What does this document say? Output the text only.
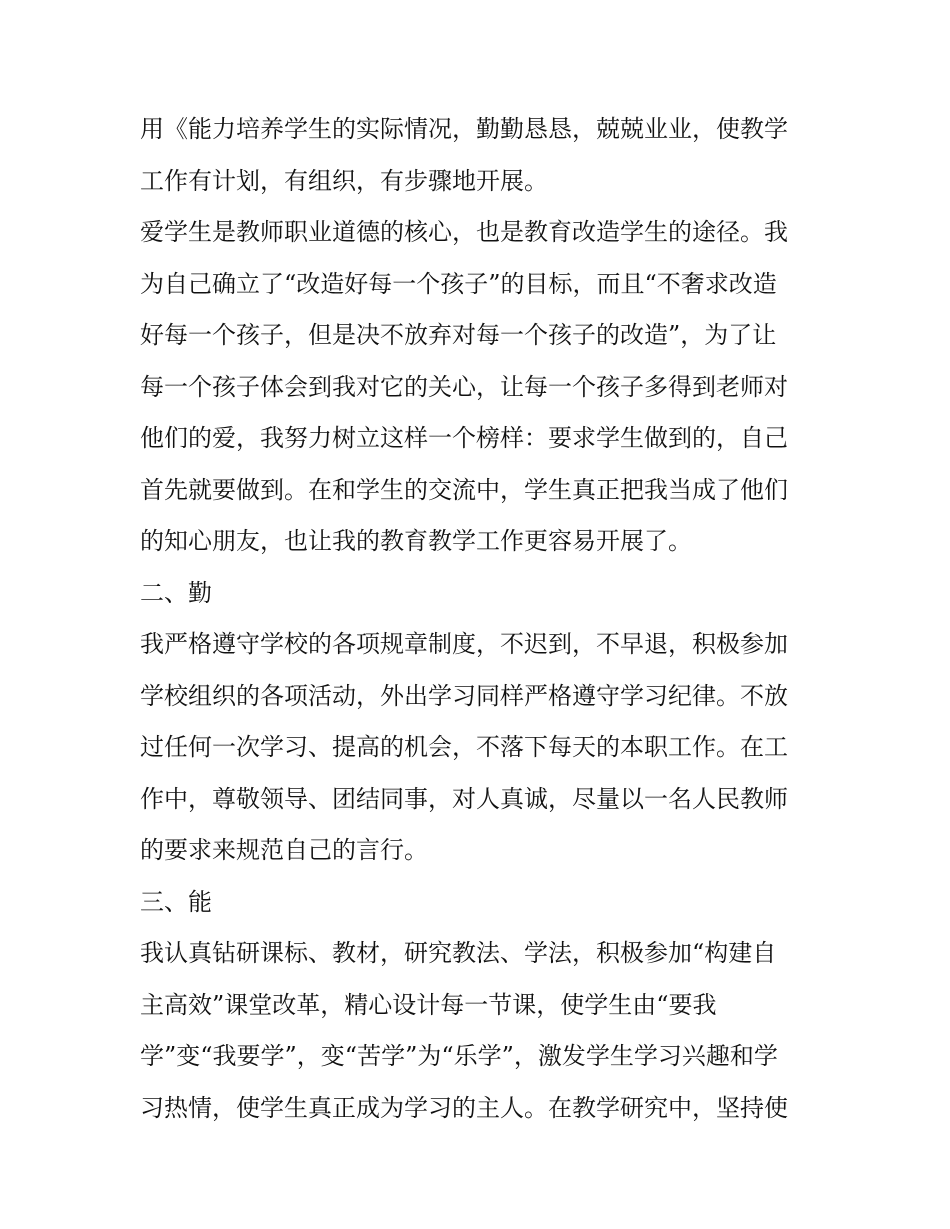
用《能力培养学生的实际情况，勤勤恳恳，兢兢业业，使教学
工作有计划，有组织，有步骤地开展。
爱学生是教师职业道德的核心，也是教育改造学生的途径。我
为自己确立了“改造好每一个孩子”的目标，而且“不奢求改造
好每一个孩子，但是决不放弃对每一个孩子的改造”，为了让
每一个孩子体会到我对它的关心，让每一个孩子多得到老师对
他们的爱，我努力树立这样一个榜样：要求学生做到的，自己
首先就要做到。在和学生的交流中，学生真正把我当成了他们
的知心朋友，也让我的教育教学工作更容易开展了。
二、勤
我严格遵守学校的各项规章制度，不迟到，不早退，积极参加
学校组织的各项活动，外出学习同样严格遵守学习纪律。不放
过任何一次学习、提高的机会，不落下每天的本职工作。在工
作中，尊敬领导、团结同事，对人真诚，尽量以一名人民教师
的要求来规范自己的言行。
三、能
我认真钻研课标、教材，研究教法、学法，积极参加“构建自
主高效”课堂改革，精心设计每一节课，使学生由“要我
学”变“我要学”，变“苦学”为“乐学”，激发学生学习兴趣和学
习热情，使学生真正成为学习的主人。在教学研究中，坚持使
